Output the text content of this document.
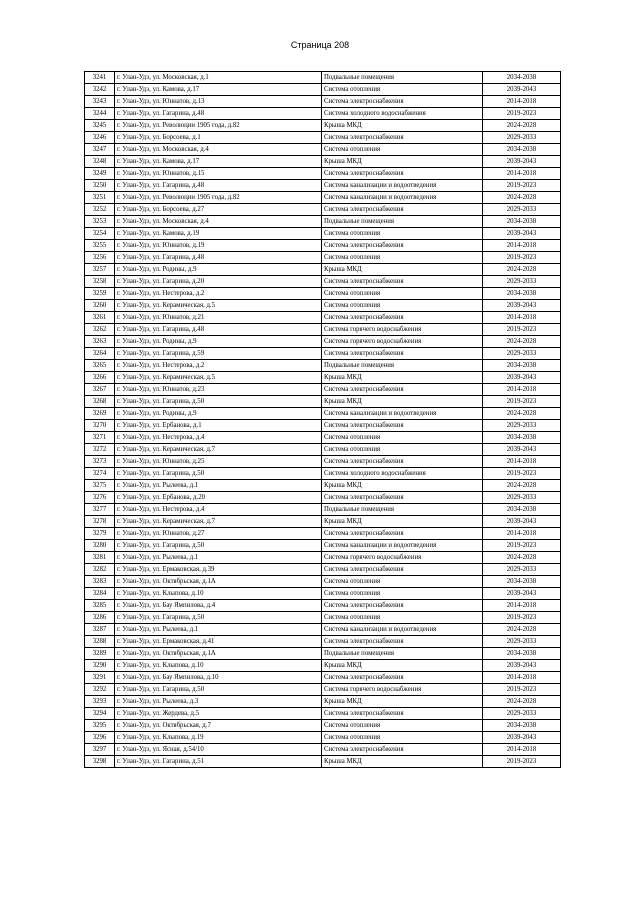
Страница 208
3241	г. Улан-Удэ, ул. Московская, д.1	Подвальные помещения	2034-2038
3242	г. Улан-Удэ, ул. Камова, д.17	Система отопления	2039-2043
3243	г. Улан-Удэ, ул. Юннатов, д.13	Система электроснабжения	2014-2018
3244	г. Улан-Удэ, ул. Гагарина, д.48	Система холодного водоснабжения	2019-2023
3245	г. Улан-Удэ, ул. Революции 1905 года, д.82	Крыша МКД	2024-2028
3246	г. Улан-Удэ, ул. Борсоева, д.1	Система электроснабжения	2029-2033
3247	г. Улан-Удэ, ул. Московская, д.4	Система отопления	2034-2038
3248	г. Улан-Удэ, ул. Камова, д.17	Крыша МКД	2039-2043
3249	г. Улан-Удэ, ул. Юннатов, д.15	Система электроснабжения	2014-2018
3250	г. Улан-Удэ, ул. Гагарина, д.48	Система канализации и водоотведения	2019-2023
3251	г. Улан-Удэ, ул. Революции 1905 года, д.82	Система канализации и водоотведения	2024-2028
3252	г. Улан-Удэ, ул. Борсоева, д.27	Система электроснабжения	2029-2033
3253	г. Улан-Удэ, ул. Московская, д.4	Подвальные помещения	2034-2038
3254	г. Улан-Удэ, ул. Камова, д.19	Система отопления	2039-2043
3255	г. Улан-Удэ, ул. Юннатов, д.19	Система электроснабжения	2014-2018
3256	г. Улан-Удэ, ул. Гагарина, д.48	Система отопления	2019-2023
3257	г. Улан-Удэ, ул. Родины, д.9	Крыша МКД	2024-2028
3258	г. Улан-Удэ, ул. Гагарина, д.20	Система электроснабжения	2029-2033
3259	г. Улан-Удэ, ул. Нестерова, д.2	Система отопления	2034-2038
3260	г. Улан-Удэ, ул. Керамическая, д.5	Система отопления	2039-2043
3261	г. Улан-Удэ, ул. Юннатов, д.21	Система электроснабжения	2014-2018
3262	г. Улан-Удэ, ул. Гагарина, д.48	Система горячего водоснабжения	2019-2023
3263	г. Улан-Удэ, ул. Родины, д.9	Система горячего водоснабжения	2024-2028
3264	г. Улан-Удэ, ул. Гагарина, д.59	Система электроснабжения	2029-2033
3265	г. Улан-Удэ, ул. Нестерова, д.2	Подвальные помещения	2034-2038
3266	г. Улан-Удэ, ул. Керамическая, д.5	Крыша МКД	2039-2043
3267	г. Улан-Удэ, ул. Юннатов, д.23	Система электроснабжения	2014-2018
3268	г. Улан-Удэ, ул. Гагарина, д.50	Крыша МКД	2019-2023
3269	г. Улан-Удэ, ул. Родины, д.9	Система канализации и водоотведения	2024-2028
3270	г. Улан-Удэ, ул. Ербанова, д.1	Система электроснабжения	2029-2033
3271	г. Улан-Удэ, ул. Нестерова, д.4	Система отопления	2034-2038
3272	г. Улан-Удэ, ул. Керамическая, д.7	Система отопления	2039-2043
3273	г. Улан-Удэ, ул. Юннатов, д.25	Система электроснабжения	2014-2018
3274	г. Улан-Удэ, ул. Гагарина, д.50	Система холодного водоснабжения	2019-2023
3275	г. Улан-Удэ, ул. Рылеева, д.1	Крыша МКД	2024-2028
3276	г. Улан-Удэ, ул. Ербанова, д.20	Система электроснабжения	2029-2033
3277	г. Улан-Удэ, ул. Нестерова, д.4	Подвальные помещения	2034-2038
3278	г. Улан-Удэ, ул. Керамическая, д.7	Крыша МКД	2039-2043
3279	г. Улан-Удэ, ул. Юннатов, д.27	Система электроснабжения	2014-2018
3280	г. Улан-Удэ, ул. Гагарина, д.50	Система канализации и водоотведения	2019-2023
3281	г. Улан-Удэ, ул. Рылеева, д.1	Система горячего водоснабжения	2024-2028
3282	г. Улан-Удэ, ул. Ермаковская, д.39	Система электроснабжения	2029-2033
3283	г. Улан-Удэ, ул. Октябрьская, д.1А	Система отопления	2034-2038
3284	г. Улан-Удэ, ул. Клыпова, д.10	Система отопления	2039-2043
3285	г. Улан-Удэ, ул. Бау Ямпилова, д.4	Система электроснабжения	2014-2018
3286	г. Улан-Удэ, ул. Гагарина, д.50	Система отопления	2019-2023
3287	г. Улан-Удэ, ул. Рылеева, д.1	Система канализации и водоотведения	2024-2028
3288	г. Улан-Удэ, ул. Ермаковская, д.41	Система электроснабжения	2029-2033
3289	г. Улан-Удэ, ул. Октябрьская, д.1А	Подвальные помещения	2034-2038
3290	г. Улан-Удэ, ул. Клыпова, д.10	Крыша МКД	2039-2043
3291	г. Улан-Удэ, ул. Бау Ямпилова, д.10	Система электроснабжения	2014-2018
3292	г. Улан-Удэ, ул. Гагарина, д.50	Система горячего водоснабжения	2019-2023
3293	г. Улан-Удэ, ул. Рылеева, д.3	Крыша МКД	2024-2028
3294	г. Улан-Удэ, ул. Жердева, д.5	Система электроснабжения	2029-2033
3295	г. Улан-Удэ, ул. Октябрьская, д.7	Система отопления	2034-2038
3296	г. Улан-Удэ, ул. Клыпова, д.19	Система отопления	2039-2043
3297	г. Улан-Удэ, ул. Ясная, д.54/10	Система электроснабжения	2014-2018
3298	г. Улан-Удэ, ул. Гагарина, д.51	Крыша МКД	2019-2023
